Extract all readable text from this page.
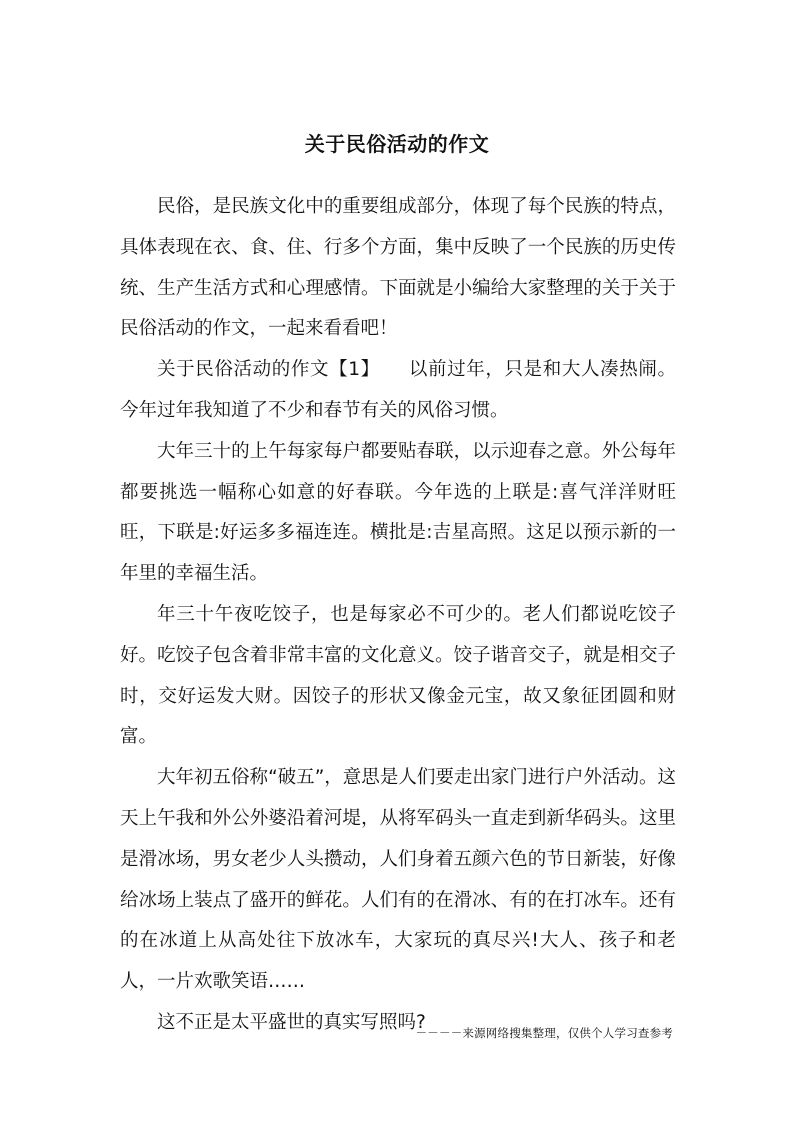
关于民俗活动的作文

民俗，是民族文化中的重要组成部分，体现了每个民族的特点，具体表现在衣、食、住、行多个方面，集中反映了一个民族的历史传统、生产生活方式和心理感情。下面就是小编给大家整理的关于关于民俗活动的作文，一起来看看吧！

关于民俗活动的作文【1】　　以前过年，只是和大人凑热闹。今年过年我知道了不少和春节有关的风俗习惯。

大年三十的上午每家每户都要贴春联，以示迎春之意。外公每年都要挑选一幅称心如意的好春联。今年选的上联是:喜气洋洋财旺旺，下联是:好运多多福连连。横批是:吉星高照。这足以预示新的一年里的幸福生活。

年三十午夜吃饺子，也是每家必不可少的。老人们都说吃饺子好。吃饺子包含着非常丰富的文化意义。饺子谐音交子，就是相交子时，交好运发大财。因饺子的形状又像金元宝，故又象征团圆和财富。

大年初五俗称“破五”，意思是人们要走出家门进行户外活动。这天上午我和外公外婆沿着河堤，从将军码头一直走到新华码头。这里是滑冰场，男女老少人头攒动，人们身着五颜六色的节日新装，好像给冰场上装点了盛开的鲜花。人们有的在滑冰、有的在打冰车。还有的在冰道上从高处往下放冰车，大家玩的真尽兴!大人、孩子和老人，一片欢歌笑语……

这不正是太平盛世的真实写照吗?

－－－－来源网络搜集整理，仅供个人学习查参考
